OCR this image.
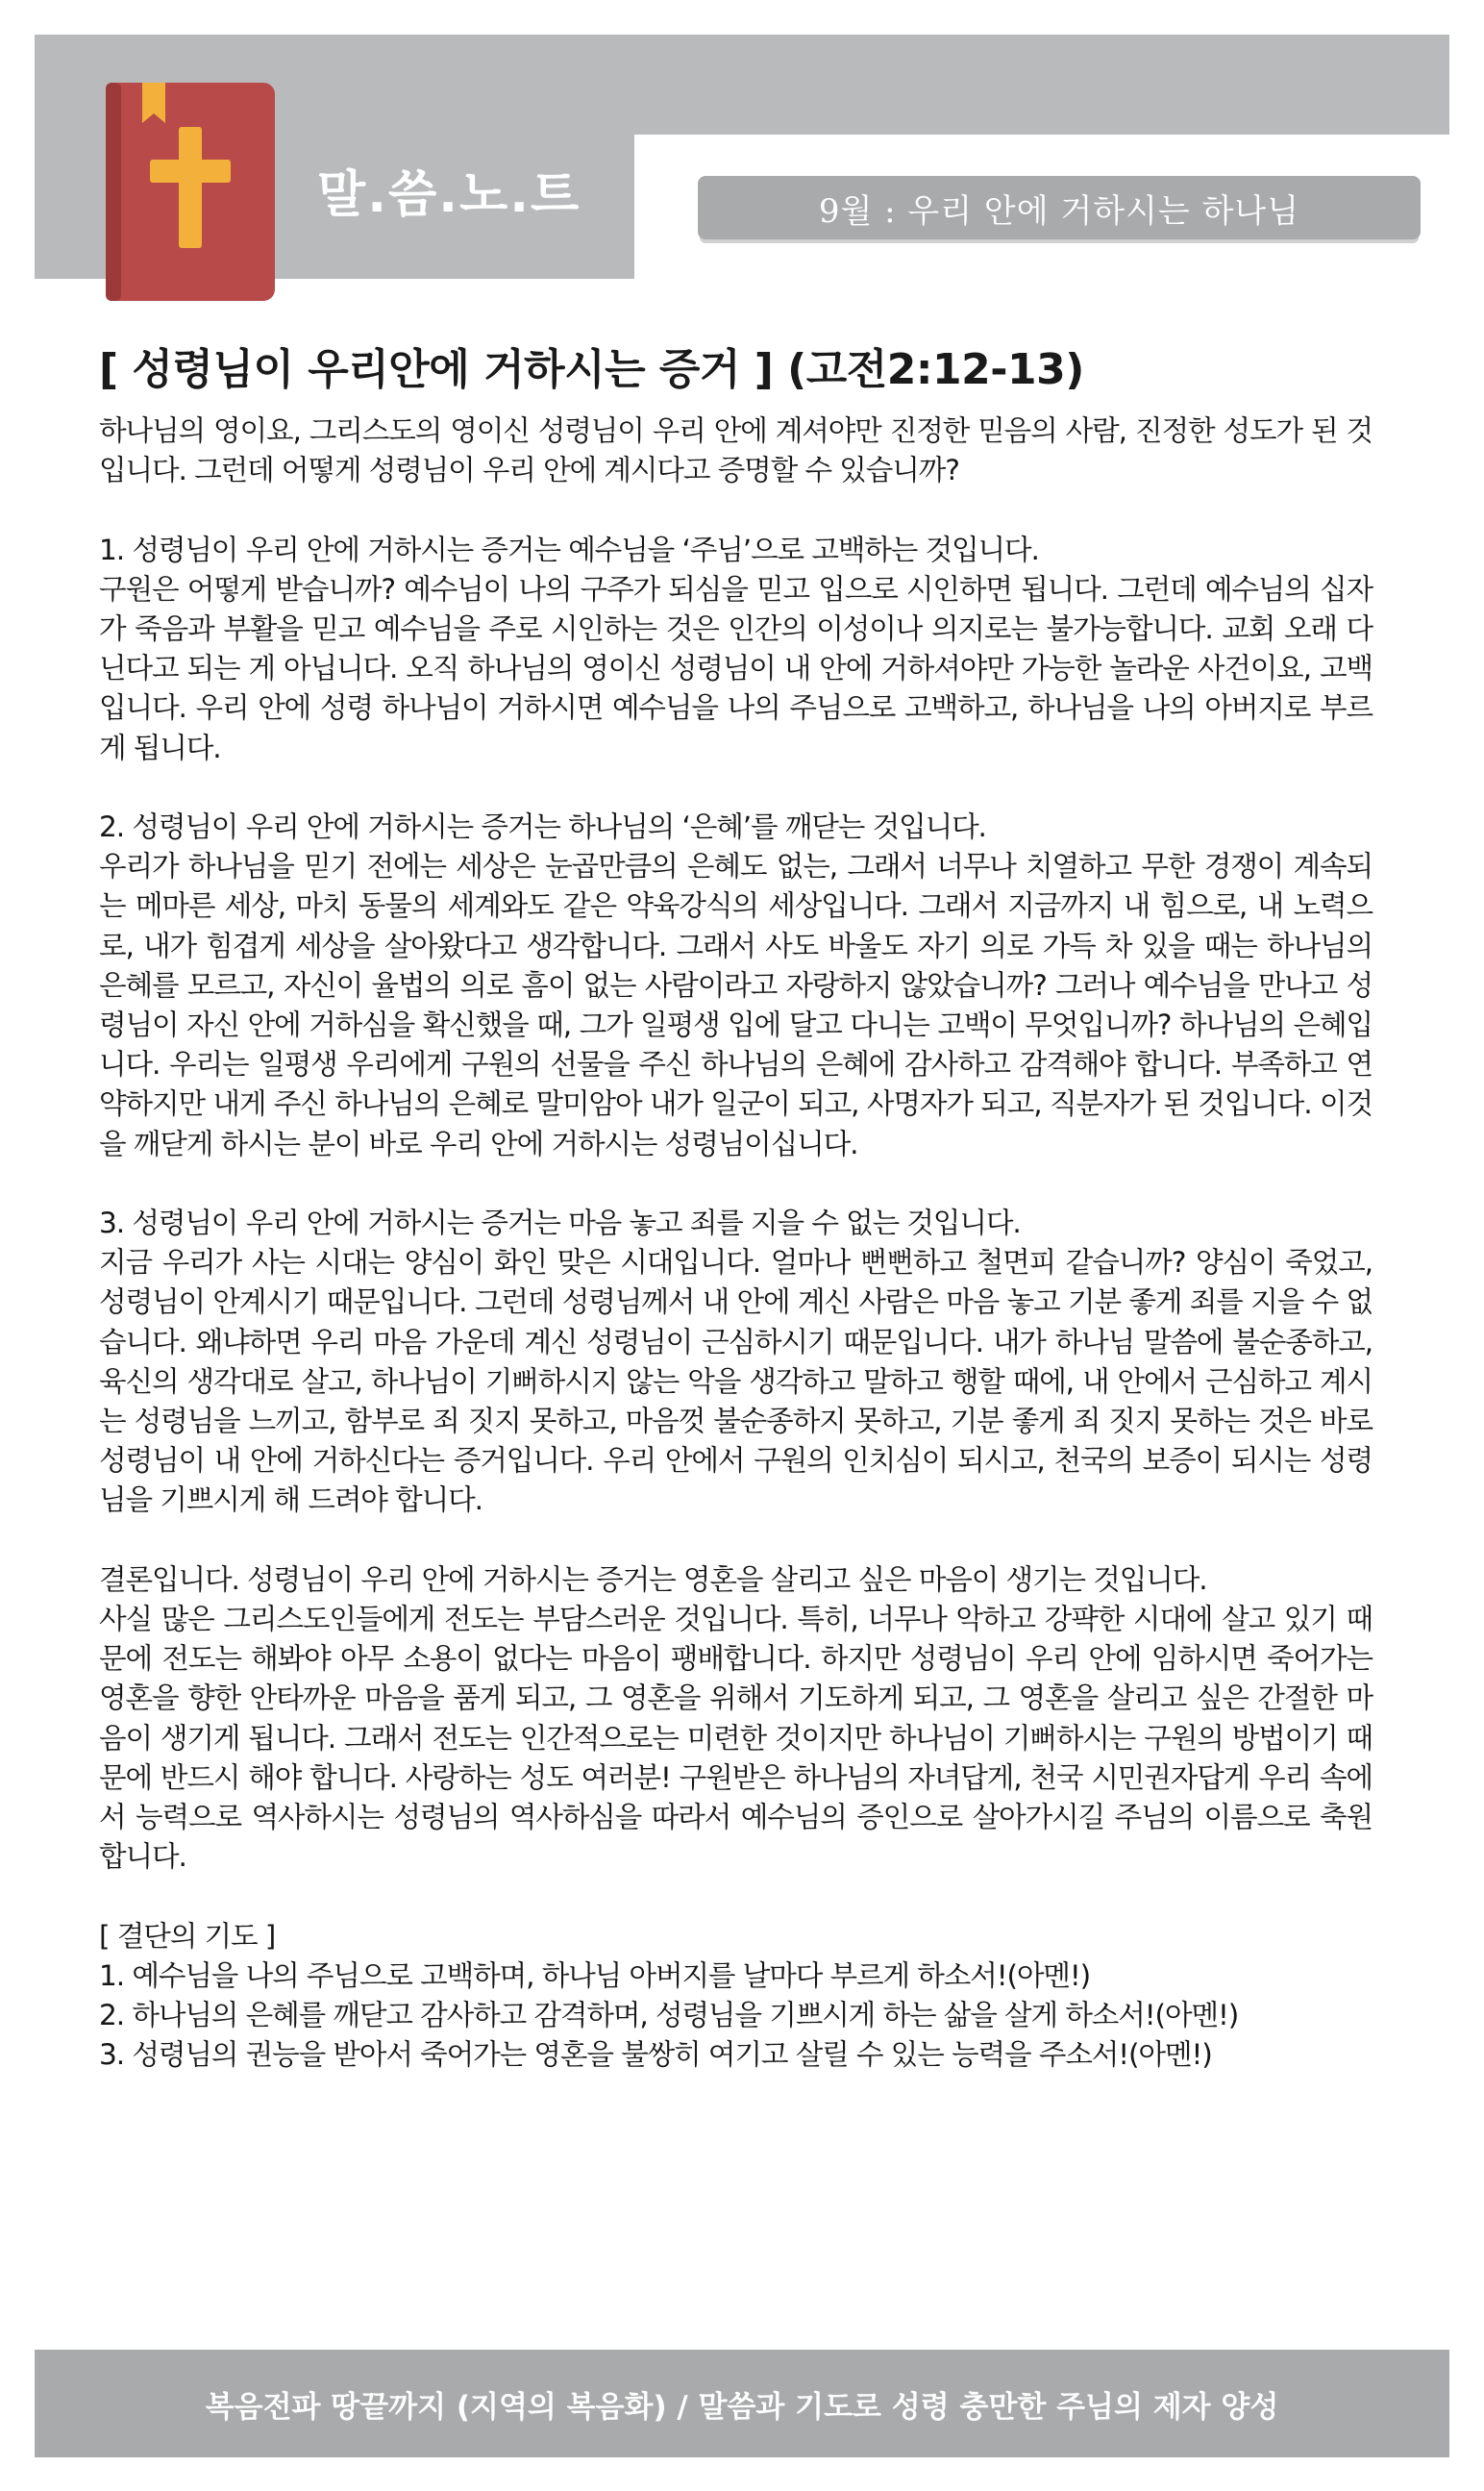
말.씀.노.트	9월 : 우리 안에 거하시는 하나님
[ 성령님이 우리안에 거하시는 증거 ] (고전2:12-13)

하나님의 영이요, 그리스도의 영이신 성령님이 우리 안에 계셔야만 진정한 믿음의 사람, 진정한 성도가 된 것입니다. 그런데 어떻게 성령님이 우리 안에 계시다고 증명할 수 있습니까?

1. 성령님이 우리 안에 거하시는 증거는 예수님을 ‘주님’으로 고백하는 것입니다.

구원은 어떻게 받습니까? 예수님이 나의 구주가 되심을 믿고 입으로 시인하면 됩니다. 그런데 예수님의 십자가 죽음과 부활을 믿고 예수님을 주로 시인하는 것은 인간의 이성이나 의지로는 불가능합니다. 교회 오래 다닌다고 되는 게 아닙니다. 오직 하나님의 영이신 성령님이 내 안에 거하셔야만 가능한 놀라운 사건이요, 고백입니다. 우리 안에 성령 하나님이 거하시면 예수님을 나의 주님으로 고백하고, 하나님을 나의 아버지로 부르게 됩니다.

2. 성령님이 우리 안에 거하시는 증거는 하나님의 ‘은혜’를 깨닫는 것입니다.

우리가 하나님을 믿기 전에는 세상은 눈곱만큼의 은혜도 없는, 그래서 너무나 치열하고 무한 경쟁이 계속되는 메마른 세상, 마치 동물의 세계와도 같은 약육강식의 세상입니다. 그래서 지금까지 내 힘으로, 내 노력으로, 내가 힘겹게 세상을 살아왔다고 생각합니다. 그래서 사도 바울도 자기 의로 가득 차 있을 때는 하나님의 은혜를 모르고, 자신이 율법의 의로 흠이 없는 사람이라고 자랑하지 않았습니까? 그러나 예수님을 만나고 성령님이 자신 안에 거하심을 확신했을 때, 그가 일평생 입에 달고 다니는 고백이 무엇입니까? 하나님의 은혜입니다. 우리는 일평생 우리에게 구원의 선물을 주신 하나님의 은혜에 감사하고 감격해야 합니다. 부족하고 연약하지만 내게 주신 하나님의 은혜로 말미암아 내가 일군이 되고, 사명자가 되고, 직분자가 된 것입니다. 이것을 깨닫게 하시는 분이 바로 우리 안에 거하시는 성령님이십니다.

3. 성령님이 우리 안에 거하시는 증거는 마음 놓고 죄를 지을 수 없는 것입니다.

지금 우리가 사는 시대는 양심이 화인 맞은 시대입니다. 얼마나 뻔뻔하고 철면피 같습니까? 양심이 죽었고, 성령님이 안계시기 때문입니다. 그런데 성령님께서 내 안에 계신 사람은 마음 놓고 기분 좋게 죄를 지을 수 없습니다. 왜냐하면 우리 마음 가운데 계신 성령님이 근심하시기 때문입니다. 내가 하나님 말씀에 불순종하고, 육신의 생각대로 살고, 하나님이 기뻐하시지 않는 악을 생각하고 말하고 행할 때에, 내 안에서 근심하고 계시는 성령님을 느끼고, 함부로 죄 짓지 못하고, 마음껏 불순종하지 못하고, 기분 좋게 죄 짓지 못하는 것은 바로 성령님이 내 안에 거하신다는 증거입니다. 우리 안에서 구원의 인치심이 되시고, 천국의 보증이 되시는 성령님을 기쁘시게 해 드려야 합니다.

결론입니다. 성령님이 우리 안에 거하시는 증거는 영혼을 살리고 싶은 마음이 생기는 것입니다.

사실 많은 그리스도인들에게 전도는 부담스러운 것입니다. 특히, 너무나 악하고 강퍅한 시대에 살고 있기 때문에 전도는 해봐야 아무 소용이 없다는 마음이 팽배합니다. 하지만 성령님이 우리 안에 임하시면 죽어가는 영혼을 향한 안타까운 마음을 품게 되고, 그 영혼을 위해서 기도하게 되고, 그 영혼을 살리고 싶은 간절한 마음이 생기게 됩니다. 그래서 전도는 인간적으로는 미련한 것이지만 하나님이 기뻐하시는 구원의 방법이기 때문에 반드시 해야 합니다. 사랑하는 성도 여러분! 구원받은 하나님의 자녀답게, 천국 시민권자답게 우리 속에서 능력으로 역사하시는 성령님의 역사하심을 따라서 예수님의 증인으로 살아가시길 주님의 이름으로 축원합니다.

[ 결단의 기도 ]

1. 예수님을 나의 주님으로 고백하며, 하나님 아버지를 날마다 부르게 하소서!(아멘!)
2. 하나님의 은혜를 깨닫고 감사하고 감격하며, 성령님을 기쁘시게 하는 삶을 살게 하소서!(아멘!)
3. 성령님의 권능을 받아서 죽어가는 영혼을 불쌍히 여기고 살릴 수 있는 능력을 주소서!(아멘!)
복음전파 땅끝까지 (지역의 복음화) / 말씀과 기도로 성령 충만한 주님의 제자 양성
